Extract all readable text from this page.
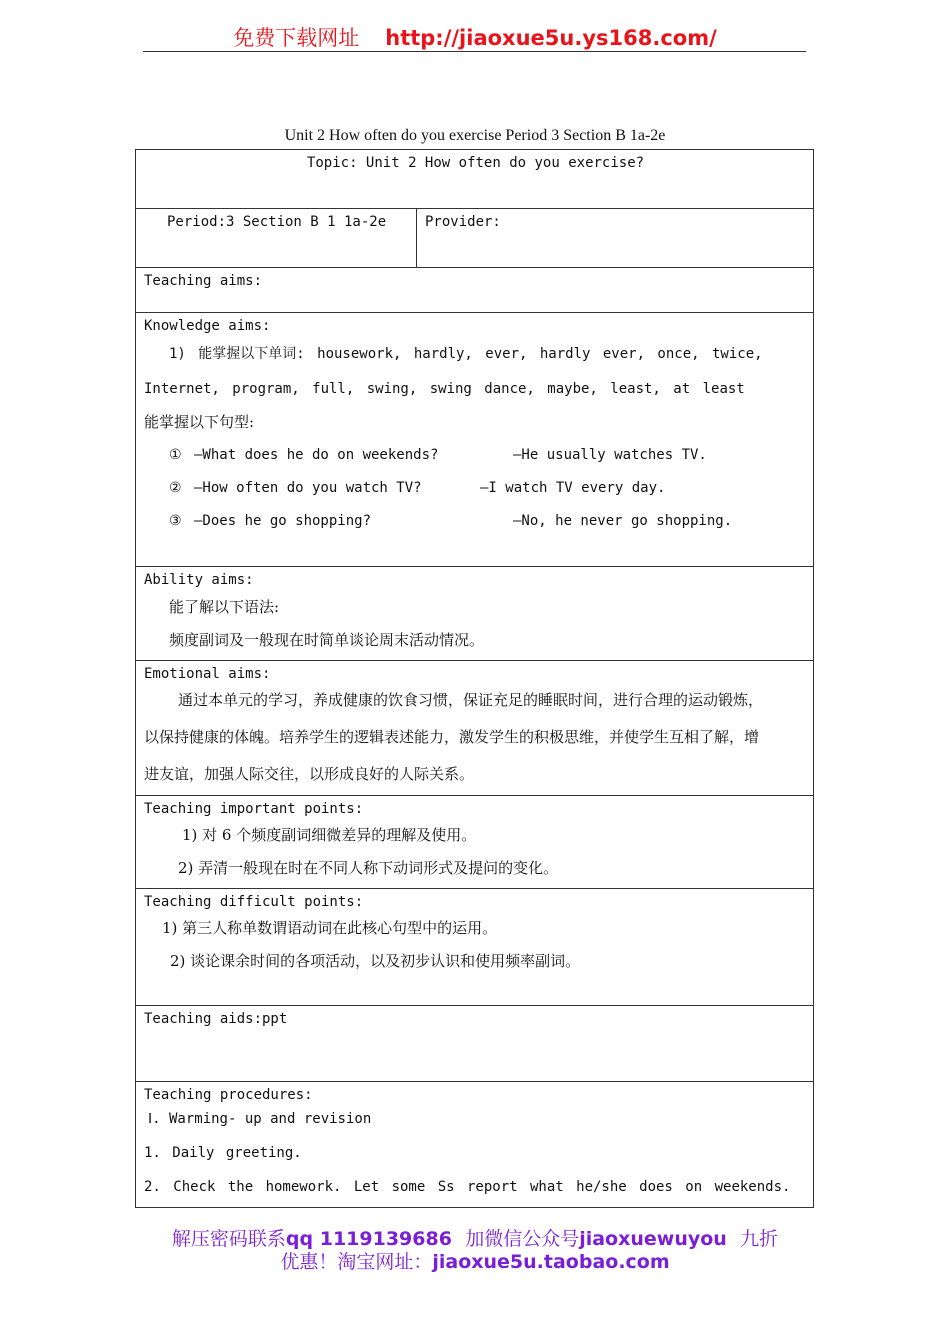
免费下载网址 http://jiaoxue5u.ys168.com/
Unit 2 How often do you exercise Period 3 Section B 1a-2e
Topic: Unit 2 How often do you exercise?
Period:3 Section B 1 1a-2e	Provider:
Teaching aims:
Knowledge aims:
1) 能掌握以下单词: housework, hardly, ever, hardly ever, once, twice,
Internet, program, full, swing, swing dance, maybe, least, at least
能掌握以下句型:
① —What does he do on weekends?	—He usually watches TV.
② —How often do you watch TV?	—I watch TV every day.
③ —Does he go shopping?	—No, he never go shopping.
Ability aims:
能了解以下语法:
频度副词及一般现在时简单谈论周末活动情况。
Emotional aims:
通过本单元的学习，养成健康的饮食习惯，保证充足的睡眠时间，进行合理的运动锻炼，
以保持健康的体魄。培养学生的逻辑表述能力，激发学生的积极思维，并使学生互相了解，增
进友谊，加强人际交往，以形成良好的人际关系。
Teaching important points:
1) 对 6 个频度副词细微差异的理解及使用。
2) 弄清一般现在时在不同人称下动词形式及提问的变化。
Teaching difficult points:
1) 第三人称单数谓语动词在此核心句型中的运用。
2) 谈论课余时间的各项活动，以及初步认识和使用频率副词。
Teaching aids:ppt
Teaching procedures:
Ⅰ. Warming- up and revision
1. Daily greeting.
2. Check the homework. Let some Ss report what he/she does on weekends.
解压密码联系qq 1119139686 加微信公众号jiaoxuewuyou 九折
优惠！淘宝网址：jiaoxue5u.taobao.com
